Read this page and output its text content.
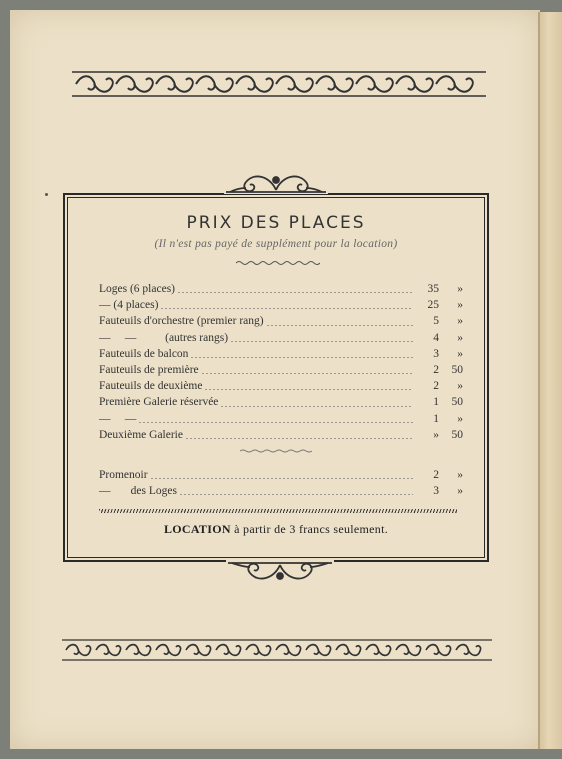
PRIX DES PLACES
(Il n'est pas payé de supplément pour la location)
Loges (6 places)	35	»
— (4 places)	25	»
Fauteuils d'orchestre (premier rang)	5	»
—     —          (autres rangs)	4	»
Fauteuils de balcon	3	»
Fauteuils de première	2	50
Fauteuils de deuxième	2	»
Première Galerie réservée	1	50
—     —	1	»
Deuxième Galerie	»	50
Promenoir	2	»
—       des Loges	3	»
LOCATION à partir de 3 francs seulement.
